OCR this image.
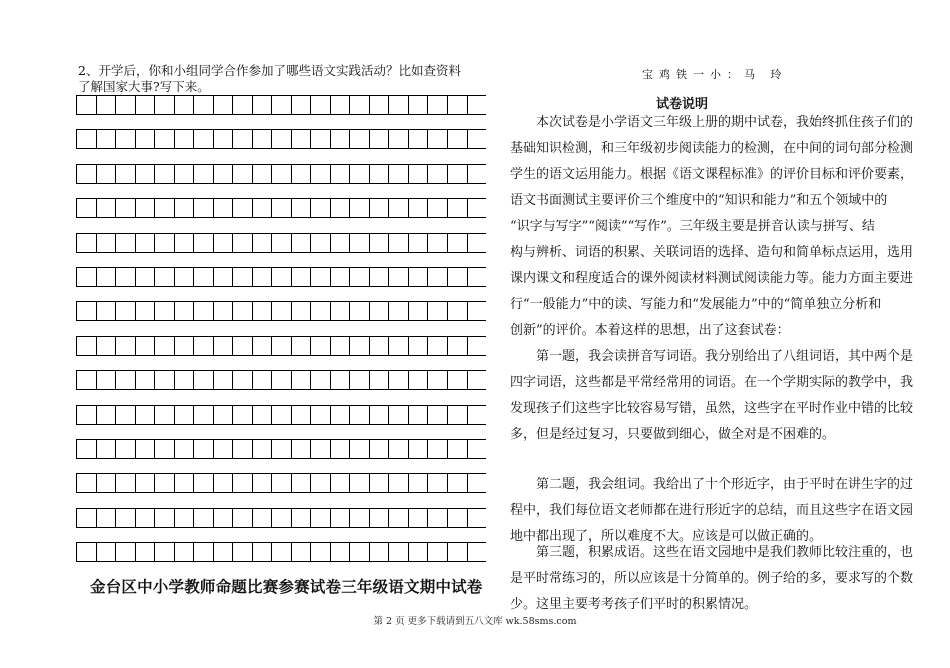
2、开学后，你和小组同学合作参加了哪些语文实践活动？比如查资料
了解国家大事?写下来。
金台区中小学教师命题比赛参赛试卷三年级语文期中试卷
宝鸡铁一小：马 玲
试卷说明
　　本次试卷是小学语文三年级上册的期中试卷，我始终抓住孩子们的
基础知识检测，和三年级初步阅读能力的检测，在中间的词句部分检测
学生的语文运用能力。根据《语文课程标准》的评价目标和评价要素，
语文书面测试主要评价三个维度中的“知识和能力”和五个领域中的
“识字与写字”“阅读”“写作”。三年级主要是拼音认读与拼写、结
构与辨析、词语的积累、关联词语的选择、造句和简单标点运用，选用
课内课文和程度适合的课外阅读材料测试阅读能力等。能力方面主要进
行“一般能力”中的读、写能力和“发展能力”中的“简单独立分析和
创新”的评价。本着这样的思想，出了这套试卷：
　　第一题，我会读拼音写词语。我分别给出了八组词语，其中两个是
四字词语，这些都是平常经常用的词语。在一个学期实际的教学中，我
发现孩子们这些字比较容易写错，虽然，这些字在平时作业中错的比较
多，但是经过复习，只要做到细心，做全对是不困难的。
　　第二题，我会组词。我给出了十个形近字，由于平时在讲生字的过
程中，我们每位语文老师都在进行形近字的总结，而且这些字在语文园
地中都出现了，所以难度不大。应该是可以做正确的。
　　第三题，积累成语。这些在语文园地中是我们教师比较注重的，也
是平时常练习的，所以应该是十分简单的。例子给的多，要求写的个数
少。这里主要考考孩子们平时的积累情况。
第 2 页 更多下载请到五八文库 wk.58sms.com
